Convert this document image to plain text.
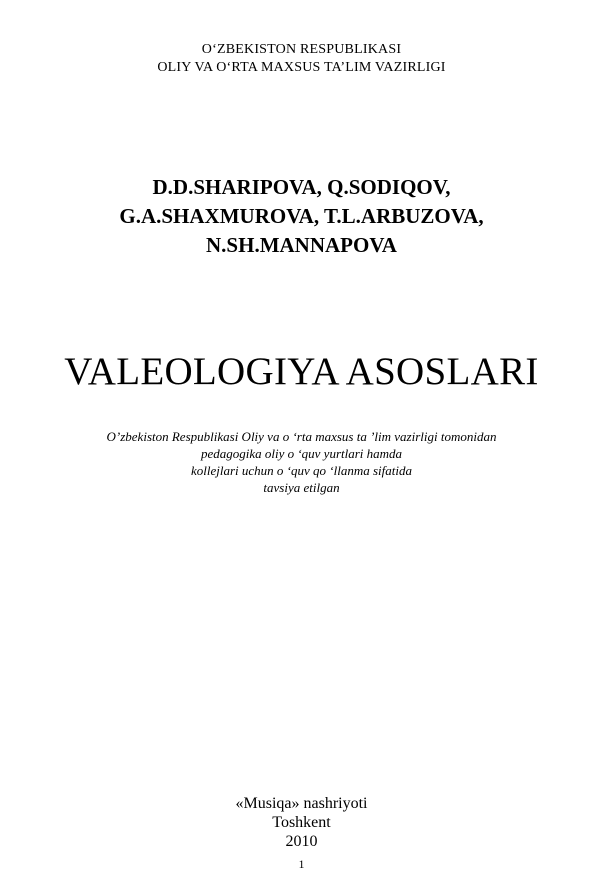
O‘ZBEKISTON RESPUBLIKASI
OLIY VA O‘RTA MAXSUS TA’LIM VAZIRLIGI
D.D.SHARIPOVA, Q.SODIQOV,
G.A.SHAXMUROVA, T.L.ARBUZOVA,
N.SH.MANNAPOVA
VALEOLOGIYA ASOSLARI
O’zbekiston Respublikasi Oliy va o ‘rta maxsus ta ’lim vazirligi tomonidan
pedagogika oliy o ‘quv yurtlari hamda
kollejlari uchun o ‘quv qo ‘llanma sifatida
tavsiya etilgan
«Musiqa» nashriyoti
Toshkent
2010
1
